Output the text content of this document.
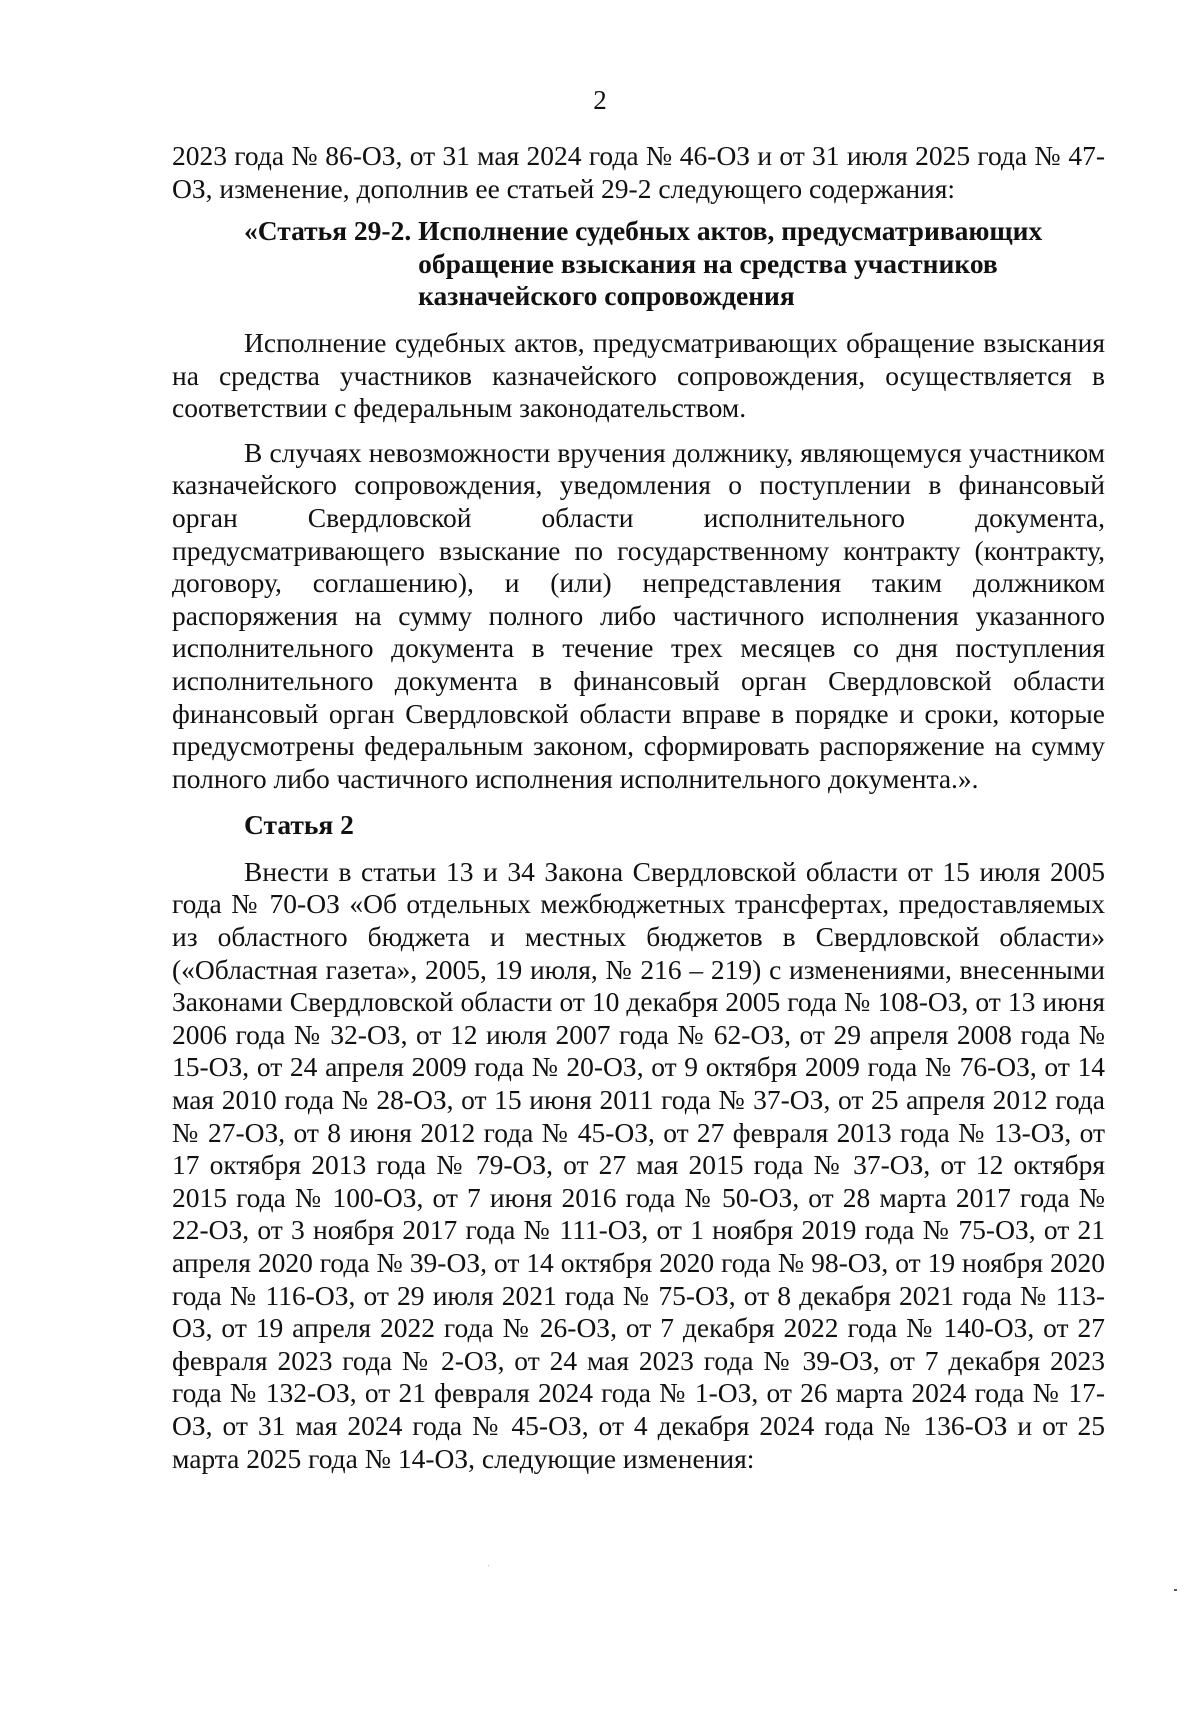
2

2023 года № 86-ОЗ, от 31 мая 2024 года № 46-ОЗ и от 31 июля 2025 года № 47-ОЗ, изменение, дополнив ее статьей 29-2 следующего содержания:

«Статья 29-2. Исполнение судебных актов, предусматривающих
обращение взыскания на средства участников
казначейского сопровождения

Исполнение судебных актов, предусматривающих обращение взыскания на средства участников казначейского сопровождения, осуществляется в соответствии с федеральным законодательством.

В случаях невозможности вручения должнику, являющемуся участником казначейского сопровождения, уведомления о поступлении в финансовый орган Свердловской области исполнительного документа, предусматривающего взыскание по государственному контракту (контракту, договору, соглашению), и (или) непредставления таким должником распоряжения на сумму полного либо частичного исполнения указанного исполнительного документа в течение трех месяцев со дня поступления исполнительного документа в финансовый орган Свердловской области финансовый орган Свердловской области вправе в порядке и сроки, которые предусмотрены федеральным законом, сформировать распоряжение на сумму полного либо частичного исполнения исполнительного документа.».

Статья 2

Внести в статьи 13 и 34 Закона Свердловской области от 15 июля 2005 года № 70-ОЗ «Об отдельных межбюджетных трансфертах, предоставляемых из областного бюджета и местных бюджетов в Свердловской области» («Областная газета», 2005, 19 июля, № 216 – 219) с изменениями, внесенными Законами Свердловской области от 10 декабря 2005 года № 108-ОЗ, от 13 июня 2006 года № 32-ОЗ, от 12 июля 2007 года № 62-ОЗ, от 29 апреля 2008 года № 15-ОЗ, от 24 апреля 2009 года № 20-ОЗ, от 9 октября 2009 года № 76-ОЗ, от 14 мая 2010 года № 28-ОЗ, от 15 июня 2011 года № 37-ОЗ, от 25 апреля 2012 года № 27-ОЗ, от 8 июня 2012 года № 45-ОЗ, от 27 февраля 2013 года № 13-ОЗ, от 17 октября 2013 года № 79-ОЗ, от 27 мая 2015 года № 37-ОЗ, от 12 октября 2015 года № 100-ОЗ, от 7 июня 2016 года № 50-ОЗ, от 28 марта 2017 года № 22-ОЗ, от 3 ноября 2017 года № 111-ОЗ, от 1 ноября 2019 года № 75-ОЗ, от 21 апреля 2020 года № 39-ОЗ, от 14 октября 2020 года № 98-ОЗ, от 19 ноября 2020 года № 116-ОЗ, от 29 июля 2021 года № 75-ОЗ, от 8 декабря 2021 года № 113-ОЗ, от 19 апреля 2022 года № 26-ОЗ, от 7 декабря 2022 года № 140-ОЗ, от 27 февраля 2023 года № 2-ОЗ, от 24 мая 2023 года № 39-ОЗ, от 7 декабря 2023 года № 132-ОЗ, от 21 февраля 2024 года № 1-ОЗ, от 26 марта 2024 года № 17-ОЗ, от 31 мая 2024 года № 45-ОЗ, от 4 декабря 2024 года № 136-ОЗ и от 25 марта 2025 года № 14-ОЗ, следующие изменения:
